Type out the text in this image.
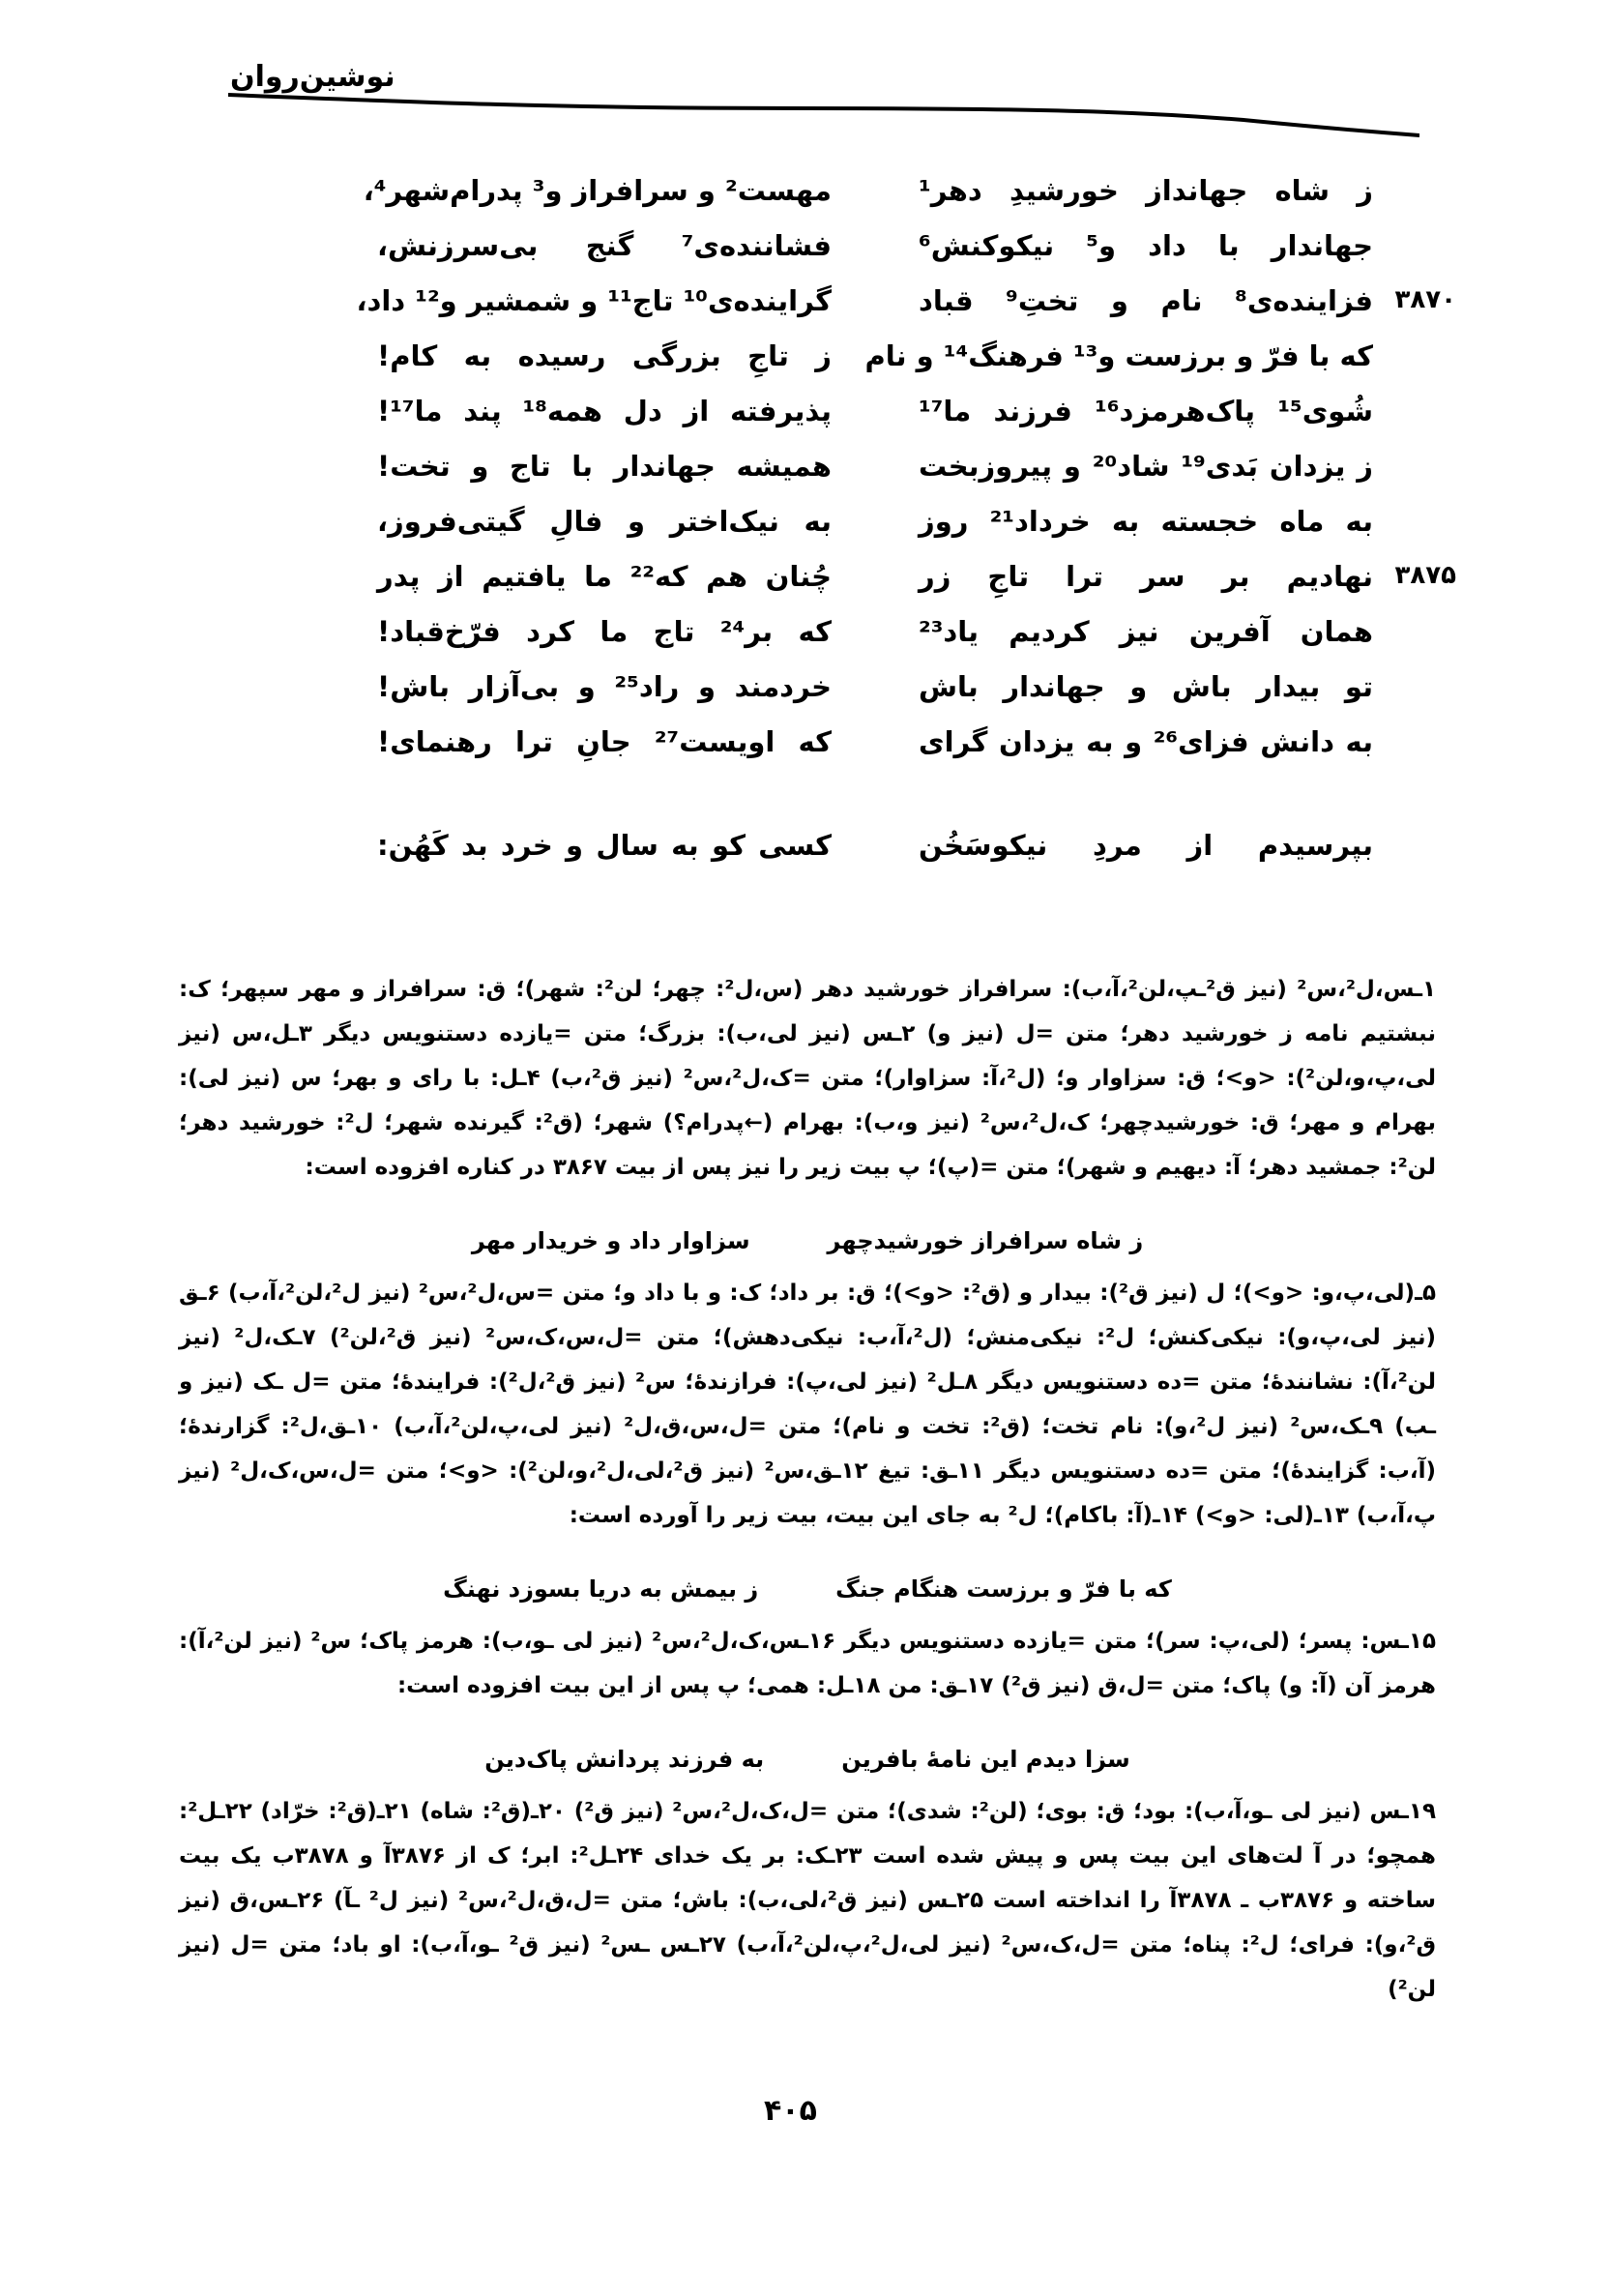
نوشین‌روان
ز شاه جهانداز خورشیدِ دهر¹
مهست² و سرافراز و³ پدرام‌شهر⁴،
جهاندار با داد و⁵ نیکوکنش⁶
فشاننده‌ی⁷ گنج بی‌سرزنش،
۳۸۷۰
فزاینده‌ی⁸ نام و تختِ⁹ قباد
گراینده‌ی¹⁰ تاج¹¹ و شمشیر و¹² داد،
که با فرّ و برزست و¹³ فرهنگ¹⁴ و نام
ز تاجِ بزرگی رسیده به کام!
شُوی¹⁵ پاک‌هرمزد¹⁶ فرزند ما¹⁷
پذیرفته از دل همه¹⁸ پند ما¹⁷!
ز یزدان بَدی¹⁹ شاد²⁰ و پیروزبخت
همیشه جهاندار با تاج و تخت!
به ماه خجسته به خرداد²¹ روز
به نیک‌اختر و فالِ گیتی‌فروز،
۳۸۷۵
نهادیم بر سر ترا تاجِ زر
چُنان هم که²² ما یافتیم از پدر
همان آفرین نیز کردیم یاد²³
که بر²⁴ تاج ما کرد فرّخ‌قباد!
تو بیدار باش و جهاندار باش
خردمند و راد²⁵ و بی‌آزار باش!
به دانش فزای²⁶ و به یزدان گرای
که اویست²⁷ جانِ ترا رهنمای!
بپرسیدم از مردِ نیکوسَخُن
کسی کو به سال و خرد بد کَهُن:

۱ـس،ل²،س² (نیز ق²ـپ،لن²،آ،ب): سرافراز خورشید دهر (س،ل²: چهر؛ لن²: شهر)؛ ق: سرافراز و مهر سپهر؛ ک: نبشتیم نامه ز خورشید دهر؛ متن =ل (نیز و) ۲ـس (نیز لی،ب): بزرگ؛ متن =یازده دستنویس دیگر ۳ـل،س (نیز لی،پ،و،لن²): <و>؛ ق: سزاوار و؛ (ل²،آ: سزاوار)؛ متن =ک،ل²،س² (نیز ق²،ب) ۴ـل: با رای و بهر؛ س (نیز لی): بهرام و مهر؛ ق: خورشیدچهر؛ ک،ل²،س² (نیز و،ب): بهرام (←پدرام؟) شهر؛ (ق²: گیرنده شهر؛ ل²: خورشید دهر؛ لن²: جمشید دهر؛ آ: دیهیم و شهر)؛ متن =(پ)؛ پ بیت زیر را نیز پس از بیت ۳۸۶۷ در کناره افزوده است:

ز شاه سرافراز خورشیدچهر
سزاوار داد و خریدار مهر

۵ـ(لی،پ،و: <و>)؛ ل (نیز ق²): بیدار و (ق²: <و>)؛ ق: بر داد؛ ک: و با داد و؛ متن =س،ل²،س² (نیز ل²،لن²،آ،ب) ۶ـق (نیز لی،پ،و): نیکی‌کنش؛ ل²: نیکی‌منش؛ (ل²،آ،ب: نیکی‌دهش)؛ متن =ل،س،ک،س² (نیز ق²،لن²) ۷ـک،ل² (نیز لن²،آ): نشانندهٔ؛ متن =ده دستنویس دیگر ۸ـل² (نیز لی،پ): فرازندهٔ؛ س² (نیز ق²،ل²): فرایندهٔ؛ متن =ل ـک (نیز و ـب) ۹ـک،س² (نیز ل²،و): نام تخت؛ (ق²: تخت و نام)؛ متن =ل،س،ق،ل² (نیز لی،پ،لن²،آ،ب) ۱۰ـق،ل²: گزارندهٔ؛ (آ،ب: گزایندهٔ)؛ متن =ده دستنویس دیگر ۱۱ـق: تیغ ۱۲ـق،س² (نیز ق²،لی،ل²،و،لن²): <و>؛ متن =ل،س،ک،ل² (نیز پ،آ،ب) ۱۳ـ(لی: <و>) ۱۴ـ(آ: باکام)؛ ل² به جای این بیت، بیت زیر را آورده است:

که با فرّ و برزست هنگام جنگ
ز بیمش به دریا بسوزد نهنگ

۱۵ـس: پسر؛ (لی،پ: سر)؛ متن =یازده دستنویس دیگر ۱۶ـس،ک،ل²،س² (نیز لی ـو،ب): هرمز پاک؛ س² (نیز لن²،آ): هرمز آن (آ: و) پاک؛ متن =ل،ق (نیز ق²) ۱۷ـق: من ۱۸ـل: همی؛ پ پس از این بیت افزوده است:

سزا دیدم این نامهٔ بافرین
به فرزند پردانش پاک‌دین

۱۹ـس (نیز لی ـو،آ،ب): بود؛ ق: بوی؛ (لن²: شدی)؛ متن =ل،ک،ل²،س² (نیز ق²) ۲۰ـ(ق²: شاه) ۲۱ـ(ق²: خرّاد) ۲۲ـل²: همچو؛ در آ لت‌های این بیت پس و پیش شده است ۲۳ـک: بر یک خدای ۲۴ـل²: ابر؛ ک از ۳۸۷۶آ و ۳۸۷۸ب یک بیت ساخته و ۳۸۷۶ب ـ ۳۸۷۸آ را انداخته است ۲۵ـس (نیز ق²،لی،ب): باش؛ متن =ل،ق،ل²،س² (نیز ل² ـآ) ۲۶ـس،ق (نیز ق²،و): فرای؛ ل²: پناه؛ متن =ل،ک،س² (نیز لی،ل²،پ،لن²،آ،ب) ۲۷ـس ـس² (نیز ق² ـو،آ،ب): او باد؛ متن =ل (نیز لن²)

۴۰۵
